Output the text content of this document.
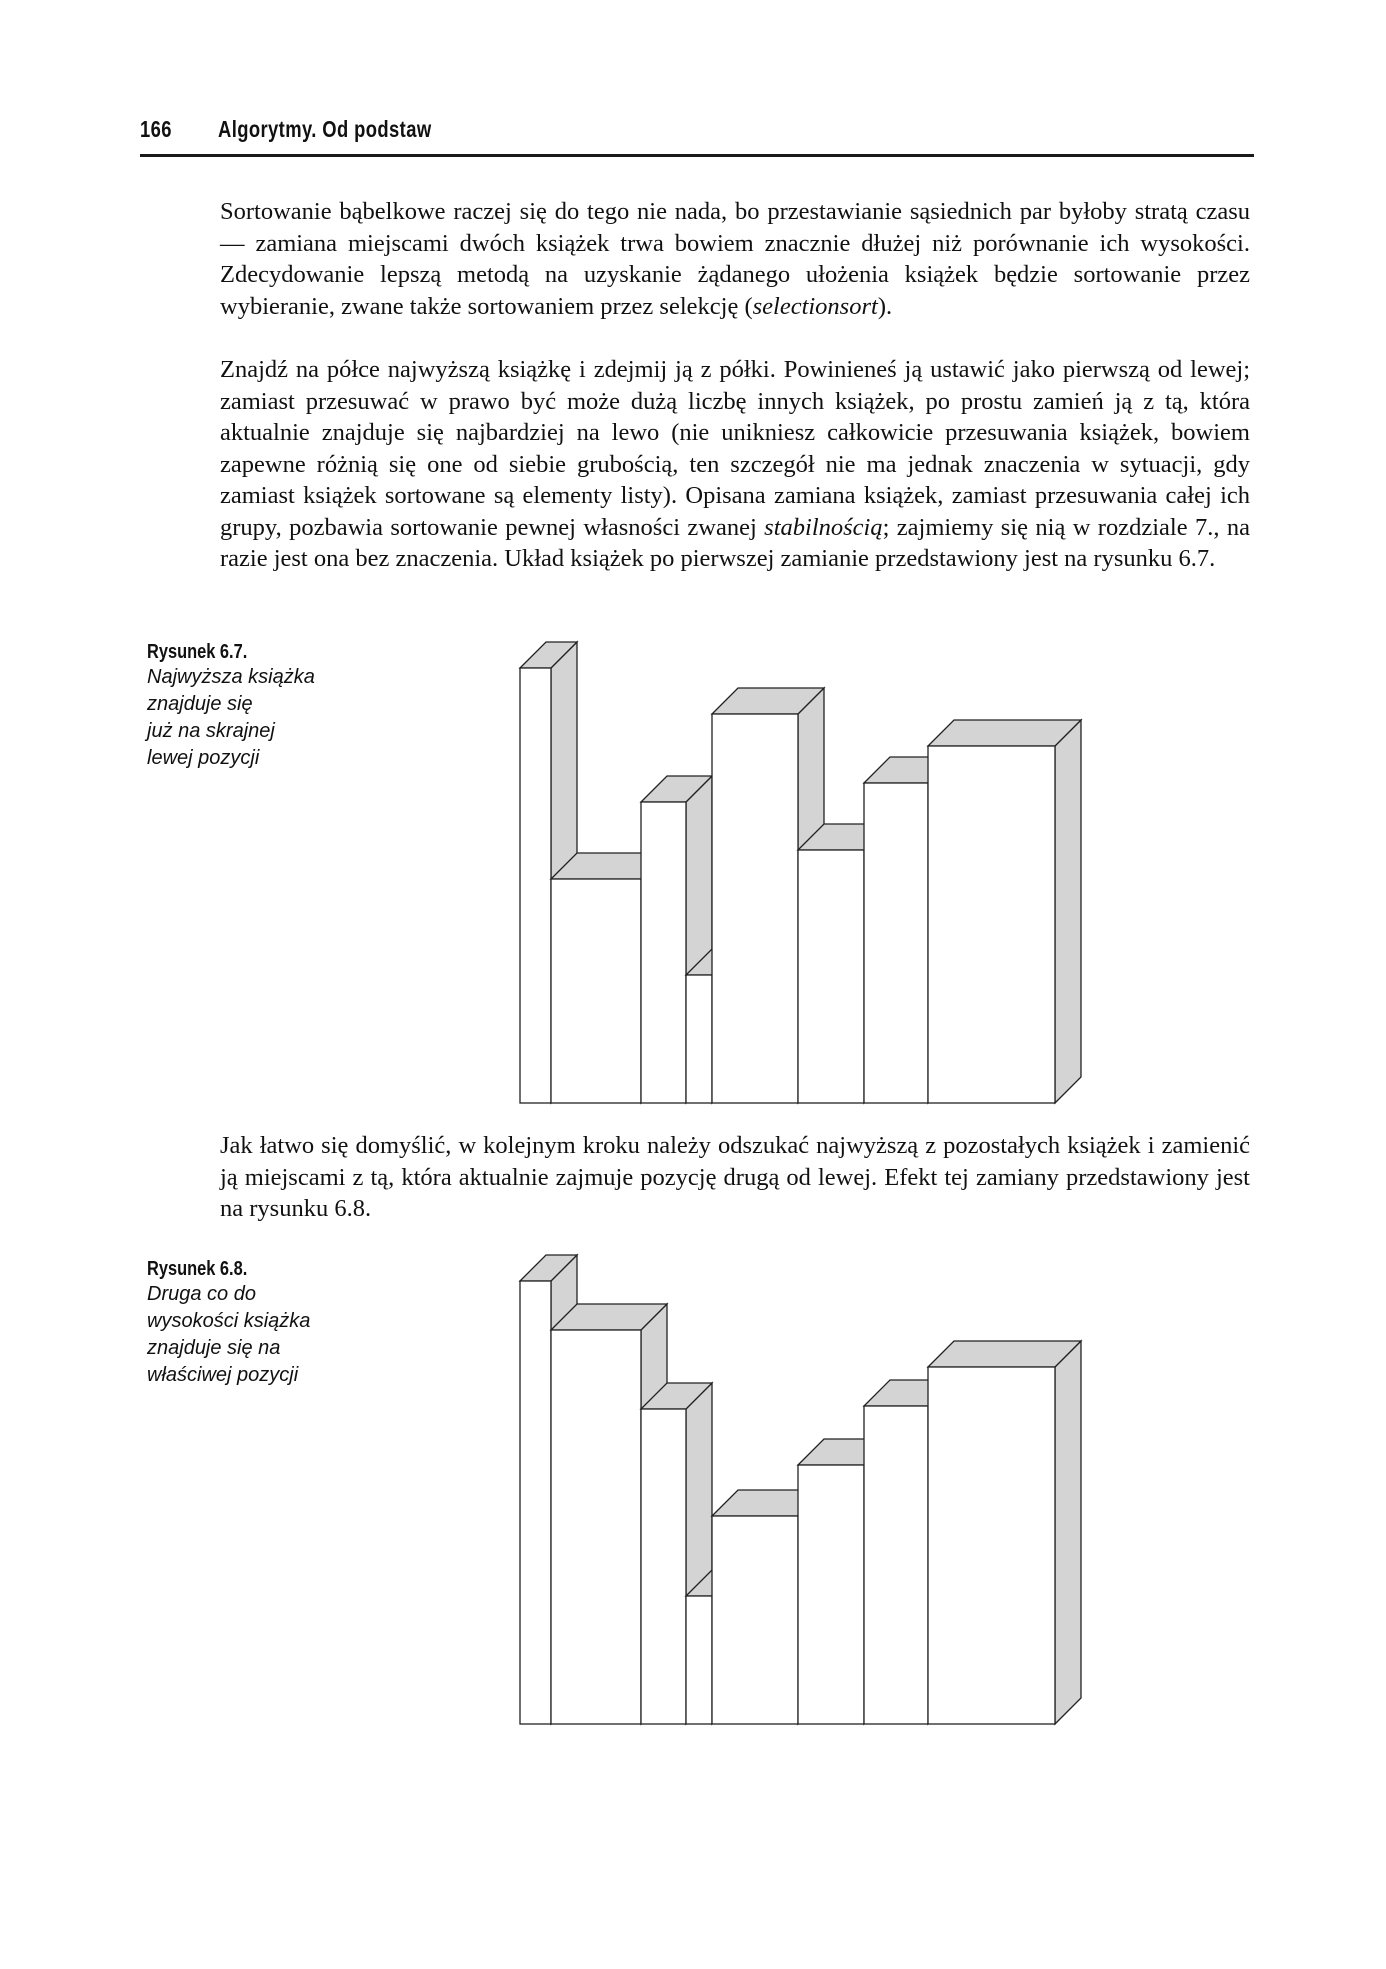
166 Algorytmy. Od podstaw

Sortowanie bąbelkowe raczej się do tego nie nada, bo przestawianie sąsiednich par byłoby stratą czasu — zamiana miejscami dwóch książek trwa bowiem znacznie dłużej niż porównanie ich wysokości. Zdecydowanie lepszą metodą na uzyskanie żądanego ułożenia książek będzie sortowanie przez wybieranie, zwane także sortowaniem przez selekcję (selectionsort).

Znajdź na półce najwyższą książkę i zdejmij ją z półki. Powinieneś ją ustawić jako pierwszą od lewej; zamiast przesuwać w prawo być może dużą liczbę innych książek, po prostu zamień ją z tą, która aktualnie znajduje się najbardziej na lewo (nie unikniesz całkowicie przesuwania książek, bowiem zapewne różnią się one od siebie grubością, ten szczegół nie ma jednak znaczenia w sytuacji, gdy zamiast książek sortowane są elementy listy). Opisana zamiana książek, zamiast przesuwania całej ich grupy, pozbawia sortowanie pewnej własności zwanej stabilnością; zajmiemy się nią w rozdziale 7., na razie jest ona bez znaczenia. Układ książek po pierwszej zamianie przedstawiony jest na rysunku 6.7.

Rysunek 6.7.
Najwyższa książka
znajduje się
już na skrajnej
lewej pozycji

Jak łatwo się domyślić, w kolejnym kroku należy odszukać najwyższą z pozostałych książek i zamienić ją miejscami z tą, która aktualnie zajmuje pozycję drugą od lewej. Efekt tej zamiany przedstawiony jest na rysunku 6.8.

Rysunek 6.8.
Druga co do
wysokości książka
znajduje się na
właściwej pozycji
